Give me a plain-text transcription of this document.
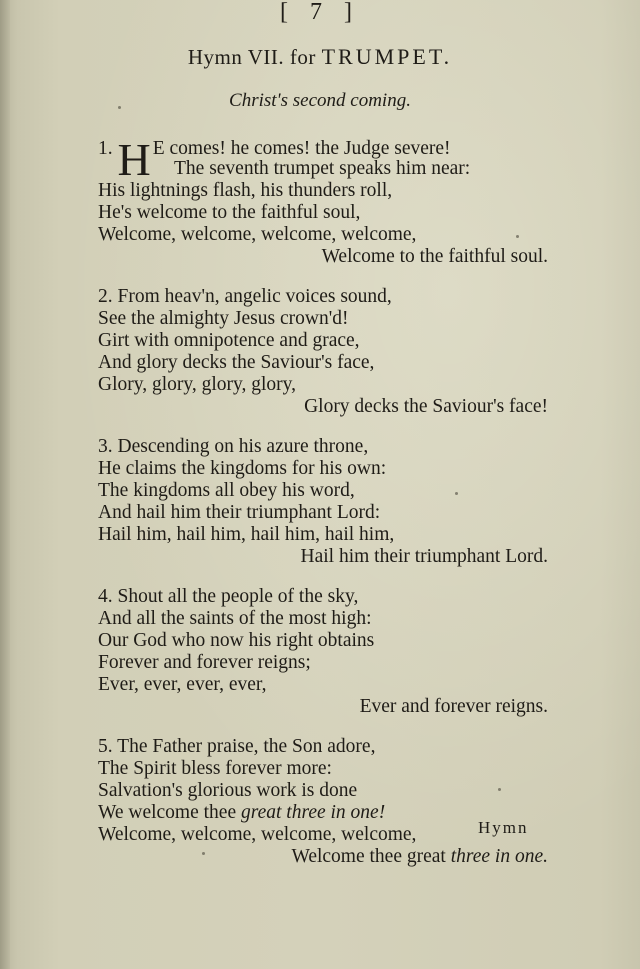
[ 7 ]
Hymn VII. for TRUMPET.
Christ's second coming.
1. H E comes! he comes! the Judge severe!
The seventh trumpet speaks him near:
His lightnings flash, his thunders roll,
He's welcome to the faithful soul,
Welcome, welcome, welcome, welcome,
Welcome to the faithful soul.
2. From heav'n, angelic voices sound,
See the almighty Jesus crown'd!
Girt with omnipotence and grace,
And glory decks the Saviour's face,
Glory, glory, glory, glory,
Glory decks the Saviour's face!
3. Descending on his azure throne,
He claims the kingdoms for his own:
The kingdoms all obey his word,
And hail him their triumphant Lord:
Hail him, hail him, hail him, hail him,
Hail him their triumphant Lord.
4. Shout all the people of the sky,
And all the saints of the most high:
Our God who now his right obtains
Forever and forever reigns;
Ever, ever, ever, ever,
Ever and forever reigns.
5. The Father praise, the Son adore,
The Spirit bless forever more:
Salvation's glorious work is done
We welcome thee great three in one!
Welcome, welcome, welcome, welcome,
Welcome thee great three in one.
Hymn
